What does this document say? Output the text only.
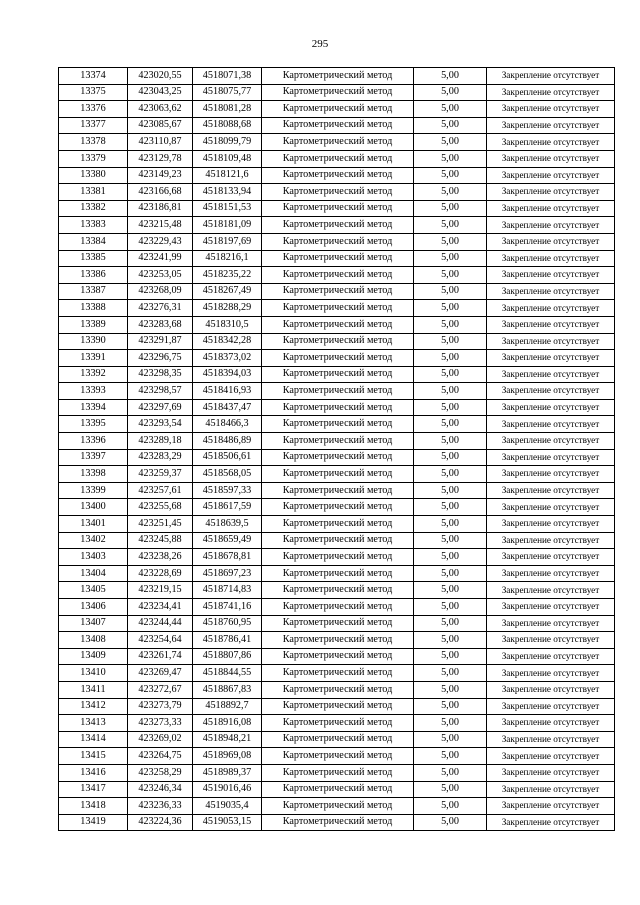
295
13374	423020,55	4518071,38	Картометрический метод	5,00	Закрепление отсутствует
13375	423043,25	4518075,77	Картометрический метод	5,00	Закрепление отсутствует
13376	423063,62	4518081,28	Картометрический метод	5,00	Закрепление отсутствует
13377	423085,67	4518088,68	Картометрический метод	5,00	Закрепление отсутствует
13378	423110,87	4518099,79	Картометрический метод	5,00	Закрепление отсутствует
13379	423129,78	4518109,48	Картометрический метод	5,00	Закрепление отсутствует
13380	423149,23	4518121,6	Картометрический метод	5,00	Закрепление отсутствует
13381	423166,68	4518133,94	Картометрический метод	5,00	Закрепление отсутствует
13382	423186,81	4518151,53	Картометрический метод	5,00	Закрепление отсутствует
13383	423215,48	4518181,09	Картометрический метод	5,00	Закрепление отсутствует
13384	423229,43	4518197,69	Картометрический метод	5,00	Закрепление отсутствует
13385	423241,99	4518216,1	Картометрический метод	5,00	Закрепление отсутствует
13386	423253,05	4518235,22	Картометрический метод	5,00	Закрепление отсутствует
13387	423268,09	4518267,49	Картометрический метод	5,00	Закрепление отсутствует
13388	423276,31	4518288,29	Картометрический метод	5,00	Закрепление отсутствует
13389	423283,68	4518310,5	Картометрический метод	5,00	Закрепление отсутствует
13390	423291,87	4518342,28	Картометрический метод	5,00	Закрепление отсутствует
13391	423296,75	4518373,02	Картометрический метод	5,00	Закрепление отсутствует
13392	423298,35	4518394,03	Картометрический метод	5,00	Закрепление отсутствует
13393	423298,57	4518416,93	Картометрический метод	5,00	Закрепление отсутствует
13394	423297,69	4518437,47	Картометрический метод	5,00	Закрепление отсутствует
13395	423293,54	4518466,3	Картометрический метод	5,00	Закрепление отсутствует
13396	423289,18	4518486,89	Картометрический метод	5,00	Закрепление отсутствует
13397	423283,29	4518506,61	Картометрический метод	5,00	Закрепление отсутствует
13398	423259,37	4518568,05	Картометрический метод	5,00	Закрепление отсутствует
13399	423257,61	4518597,33	Картометрический метод	5,00	Закрепление отсутствует
13400	423255,68	4518617,59	Картометрический метод	5,00	Закрепление отсутствует
13401	423251,45	4518639,5	Картометрический метод	5,00	Закрепление отсутствует
13402	423245,88	4518659,49	Картометрический метод	5,00	Закрепление отсутствует
13403	423238,26	4518678,81	Картометрический метод	5,00	Закрепление отсутствует
13404	423228,69	4518697,23	Картометрический метод	5,00	Закрепление отсутствует
13405	423219,15	4518714,83	Картометрический метод	5,00	Закрепление отсутствует
13406	423234,41	4518741,16	Картометрический метод	5,00	Закрепление отсутствует
13407	423244,44	4518760,95	Картометрический метод	5,00	Закрепление отсутствует
13408	423254,64	4518786,41	Картометрический метод	5,00	Закрепление отсутствует
13409	423261,74	4518807,86	Картометрический метод	5,00	Закрепление отсутствует
13410	423269,47	4518844,55	Картометрический метод	5,00	Закрепление отсутствует
13411	423272,67	4518867,83	Картометрический метод	5,00	Закрепление отсутствует
13412	423273,79	4518892,7	Картометрический метод	5,00	Закрепление отсутствует
13413	423273,33	4518916,08	Картометрический метод	5,00	Закрепление отсутствует
13414	423269,02	4518948,21	Картометрический метод	5,00	Закрепление отсутствует
13415	423264,75	4518969,08	Картометрический метод	5,00	Закрепление отсутствует
13416	423258,29	4518989,37	Картометрический метод	5,00	Закрепление отсутствует
13417	423246,34	4519016,46	Картометрический метод	5,00	Закрепление отсутствует
13418	423236,33	4519035,4	Картометрический метод	5,00	Закрепление отсутствует
13419	423224,36	4519053,15	Картометрический метод	5,00	Закрепление отсутствует
